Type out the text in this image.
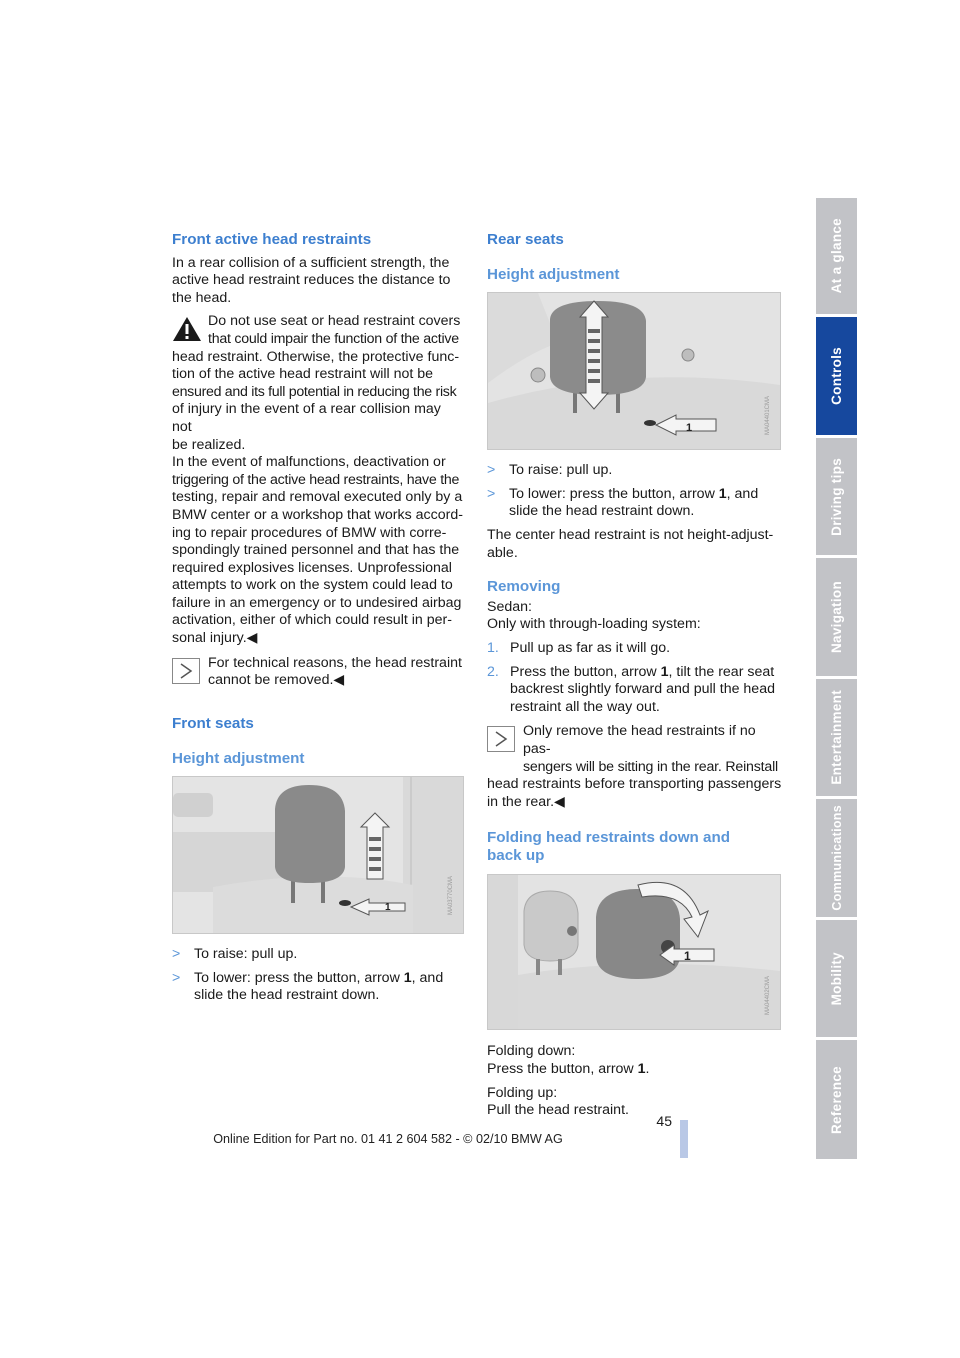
Front active head restraints

In a rear collision of a sufficient strength, the active head restraint reduces the distance to the head.

Do not use seat or head restraint covers

that could impair the function of the active

head restraint. Otherwise, the protective func-

tion of the active head restraint will not be

ensured and its full potential in reducing the risk

of injury in the event of a rear collision may not

be realized.

In the event of malfunctions, deactivation or

triggering of the active head restraints, have the

testing, repair and removal executed only by a

BMW center or a workshop that works accord-

ing to repair procedures of BMW with corre-

spondingly trained personnel and that has the

required explosives licenses. Unprofessional

attempts to work on the system could lead to

failure in an emergency or to undesired airbag

activation, either of which could result in per-

sonal injury.◀

For technical reasons, the head restraint

cannot be removed.◀

Front seats

Height adjustment

1	MA03770CMA
> To raise: pull up.
> To lower: press the button, arrow 1, and
slide the head restraint down.

Rear seats

Height adjustment

1	MA04401CMA
> To raise: pull up.
> To lower: press the button, arrow 1, and
slide the head restraint down.

The center head restraint is not height-adjust-
able.

Removing

Sedan:

Only with through-loading system:

1. Pull up as far as it will go.
2. Press the button, arrow 1, tilt the rear seat
backrest slightly forward and pull the head
restraint all the way out.

Only remove the head restraints if no pas-

sengers will be sitting in the rear. Reinstall

head restraints before transporting passengers

in the rear.◀

Folding head restraints down and
back up

1
MA04402CMA

Folding down:

Press the button, arrow 1.

Folding up:

Pull the head restraint.

At a glance
Controls
Driving tips
Navigation
Entertainment
Communications
Mobility
Reference
45
Online Edition for Part no. 01 41 2 604 582 - © 02/10 BMW AG
